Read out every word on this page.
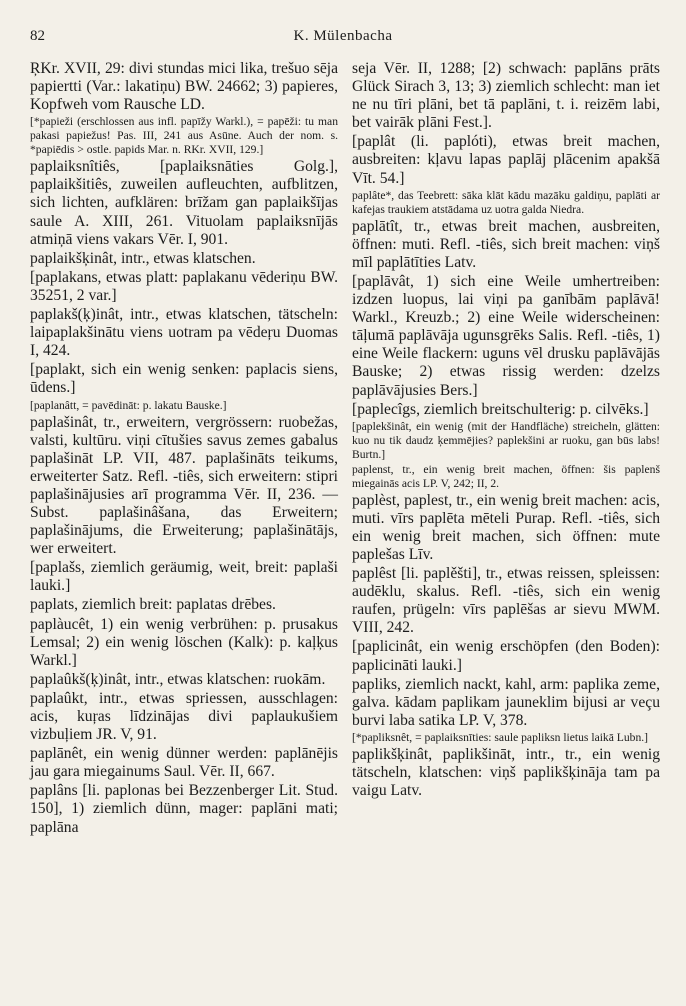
82	K. Mülenbacha
ŖKr. XVII, 29: divi stundas mici lika, trešuo sēja papiertti (Var.: lakatiņu) BW. 24662; 3) papieres, Kopfweh vom Rausche LD.
[*papieži (erschlossen aus infl. papīžy Warkl.), = papēži: tu man pakasi papiežus! Pas. III, 241 aus Asūne. Auch der nom. s. *papiēdis > ostle. papids Mar. n. RKr. XVII, 129.]
paplaiksnîtiês, [paplaiksnāties Golg.], paplaikšitiês, zuweilen aufleuchten, aufblitzen, sich lichten, aufklären: brīžam gan paplaikšījas saule A. XIII, 261. Vituolam paplaiksnījās atmiņā viens vakars Vēr. I, 901.
paplaikšķinât, intr., etwas klatschen.
[paplakans, etwas platt: paplakanu vēderiņu BW. 35251, 2 var.]
paplakš(ķ)inât, intr., etwas klatschen, tätscheln: laipaplakšinātu viens uotram pa vēdeŗu Duomas I, 424.
[paplakt, sich ein wenig senken: paplacis siens, ūdens.]
[paplanâtt, = pavēdināt: p. lakatu Bauske.]
paplašinât, tr., erweitern, vergrössern: ruobežas, valsti, kultūru. viņi cītušies savus zemes gabalus paplašināt LP. VII, 487. paplašināts teikums, erweiterter Satz. Refl. -tiês, sich erweitern: stipri paplašinājusies arī programma Vēr. II, 236. — Subst. paplašinâšana, das Erweitern; paplašinājums, die Erweiterung; paplašinātājs, wer erweitert.
[paplašs, ziemlich geräumig, weit, breit: paplaši lauki.]
paplats, ziemlich breit: paplatas drēbes.
paplàucêt, 1) ein wenig verbrühen: p. prusakus Lemsal; 2) ein wenig löschen (Kalk): p. kaļķus Warkl.]
paplaûkš(ķ)inât, intr., etwas klatschen: ruokām.
paplaûkt, intr., etwas spriessen, ausschlagen: acis, kuŗas līdzinājas divi paplaukušiem vizbuļiem JR. V, 91.
paplānêt, ein wenig dünner werden: paplānējis jau gara miegainums Saul. Vēr. II, 667.
paplâns [li. paplonas bei Bezzenberger Lit. Stud. 150], 1) ziemlich dünn, mager: paplāni mati; paplāna
seja Vēr. II, 1288; [2) schwach: paplāns prāts Glück Sirach 3, 13; 3) ziemlich schlecht: man iet ne nu tīri plāni, bet tā paplāni, t. i. reizēm labi, bet vairāk plāni Fest.].
[paplât (li. paplóti), etwas breit machen, ausbreiten: kļavu lapas paplāj plācenim apakšā Vīt. 54.]
paplâte*, das Teebrett: sāka klāt kādu mazāku galdiņu, paplāti ar kafejas traukiem atstādama uz uotra galda Niedra.
paplātît, tr., etwas breit machen, ausbreiten, öffnen: muti. Refl. -tiês, sich breit machen: viņš mīl paplātīties Latv.
[paplāvât, 1) sich eine Weile umhertreiben: izdzen luopus, lai viņi pa ganībām paplāvā! Warkl., Kreuzb.; 2) eine Weile widerscheinen: tāļumā paplāvāja ugunsgrēks Salis. Refl. -tiês, 1) eine Weile flackern: uguns vēl drusku paplāvājās Bauske; 2) etwas rissig werden: dzelzs paplāvājusies Bers.]
[paplecîgs, ziemlich breitschulterig: p. cilvēks.]
[paplekšinât, ein wenig (mit der Handfläche) streicheln, glätten: kuo nu tik daudz ķemmējies? paplekšini ar ruoku, gan būs labs! Burtn.]
paplenst, tr., ein wenig breit machen, öffnen: šis paplenš miegainās acis LP. V, 242; II, 2.
paplèst, paplest, tr., ein wenig breit machen: acis, muti. vīrs paplēta mēteli Purap. Refl. -tiês, sich ein wenig breit machen, sich öffnen: mute paplešas Līv.
paplêst [li. paplěšti], tr., etwas reissen, spleissen: audēklu, skalus. Refl. -tiês, sich ein wenig raufen, prügeln: vīrs paplēšas ar sievu MWM. VIII, 242.
[paplicinât, ein wenig erschöpfen (den Boden): paplicināti lauki.]
papliks, ziemlich nackt, kahl, arm: paplika zeme, galva. kādam paplikam jauneklim bijusi ar veçu burvi laba satika LP. V, 378.
[*papliksnêt, = paplaiksnīties: saule papliksn lietus laikā Lubn.]
paplikšķinât, paplikšināt, intr., tr., ein wenig tätscheln, klatschen: viņš paplikšķināja tam pa vaigu Latv.
